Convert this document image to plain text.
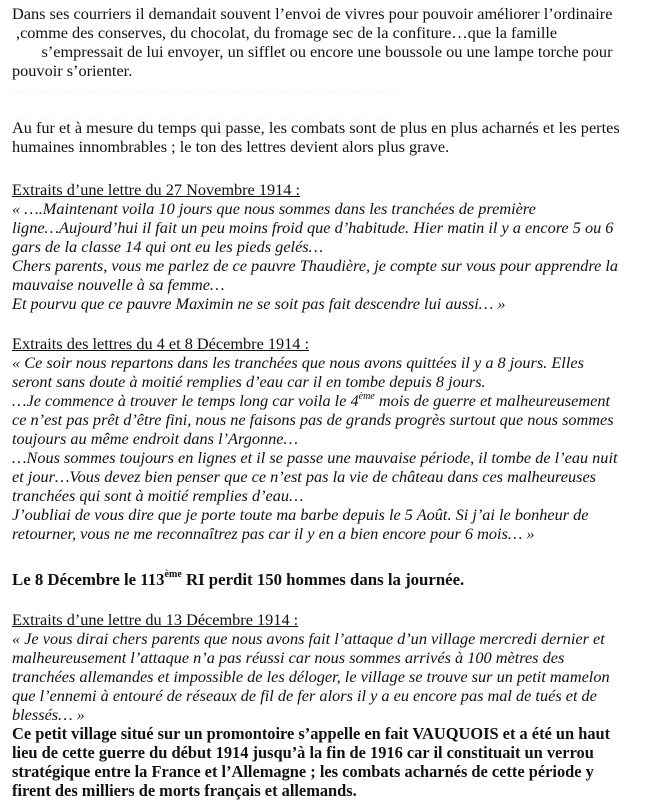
. . . . . . . . . . . . . . . . . . . . . . . . . . . . . . . . . . . . . . . . . . . . . . . . . . . . . . . . . . . . . . . . .

. . . . . . . . . . . . . . . . . . . . . . . . . . . . . . . . . . . . . . . . . . . . . . . . . . . . . . . . . . . . . . . . .

Dans ses courriers il demandait souvent l’envoi de vivres pour pouvoir améliorer l’ordinaire

,comme des conserves, du chocolat, du fromage sec de la confiture…que la famille

s’empressait de lui envoyer, un sifflet ou encore une boussole ou une lampe torche pour

pouvoir s’orienter.

Au fur et à mesure du temps qui passe, les combats sont de plus en plus acharnés et les pertes

humaines innombrables ; le ton des lettres devient alors plus grave.

Extraits d’une lettre du 27 Novembre 1914 :

« ….Maintenant voila 10 jours que nous sommes dans les tranchées de première

ligne…Aujourd’hui il fait un peu moins froid que d’habitude. Hier matin il y a encore 5 ou 6

gars de la classe 14 qui ont eu les pieds gelés…

Chers parents, vous me parlez de ce pauvre Thaudière, je compte sur vous pour apprendre la

mauvaise nouvelle à sa femme…

Et pourvu que ce pauvre Maximin ne se soit pas fait descendre lui aussi… »

Extraits des lettres du 4 et 8 Décembre 1914 :

« Ce soir nous repartons dans les tranchées que nous avons quittées il y a 8 jours. Elles

seront sans doute à moitié remplies d’eau car il en tombe depuis 8 jours.

…Je commence à trouver le temps long car voila le 4ème mois de guerre et malheureusement

ce n’est pas prêt d’être fini, nous ne faisons pas de grands progrès surtout que nous sommes

toujours au même endroit dans l’Argonne…

…Nous sommes toujours en lignes et il se passe une mauvaise période, il tombe de l’eau nuit

et jour…Vous devez bien penser que ce n’est pas la vie de château dans ces malheureuses

tranchées qui sont à moitié remplies d’eau…

J’oubliai de vous dire que je porte toute ma barbe depuis le 5 Août. Si j’ai le bonheur de

retourner, vous ne me reconnaîtrez pas car il y en a bien encore pour 6 mois… »

Le 8 Décembre le 113ème RI perdit 150 hommes dans la journée.

Extraits d’une lettre du 13 Décembre 1914 :

« Je vous dirai chers parents que nous avons fait l’attaque d’un village mercredi dernier et

malheureusement l’attaque n’a pas réussi car nous sommes arrivés à 100 mètres des

tranchées allemandes et impossible de les déloger, le village se trouve sur un petit mamelon

que l’ennemi à entouré de réseaux de fil de fer alors il y a eu encore pas mal de tués et de

blessés… »

Ce petit village situé sur un promontoire s’appelle en fait VAUQUOIS et a été un haut

lieu de cette guerre du début 1914 jusqu’à la fin de 1916 car il constituait un verrou

stratégique entre la France et l’Allemagne ; les combats acharnés de cette période y

firent des milliers de morts français et allemands.
